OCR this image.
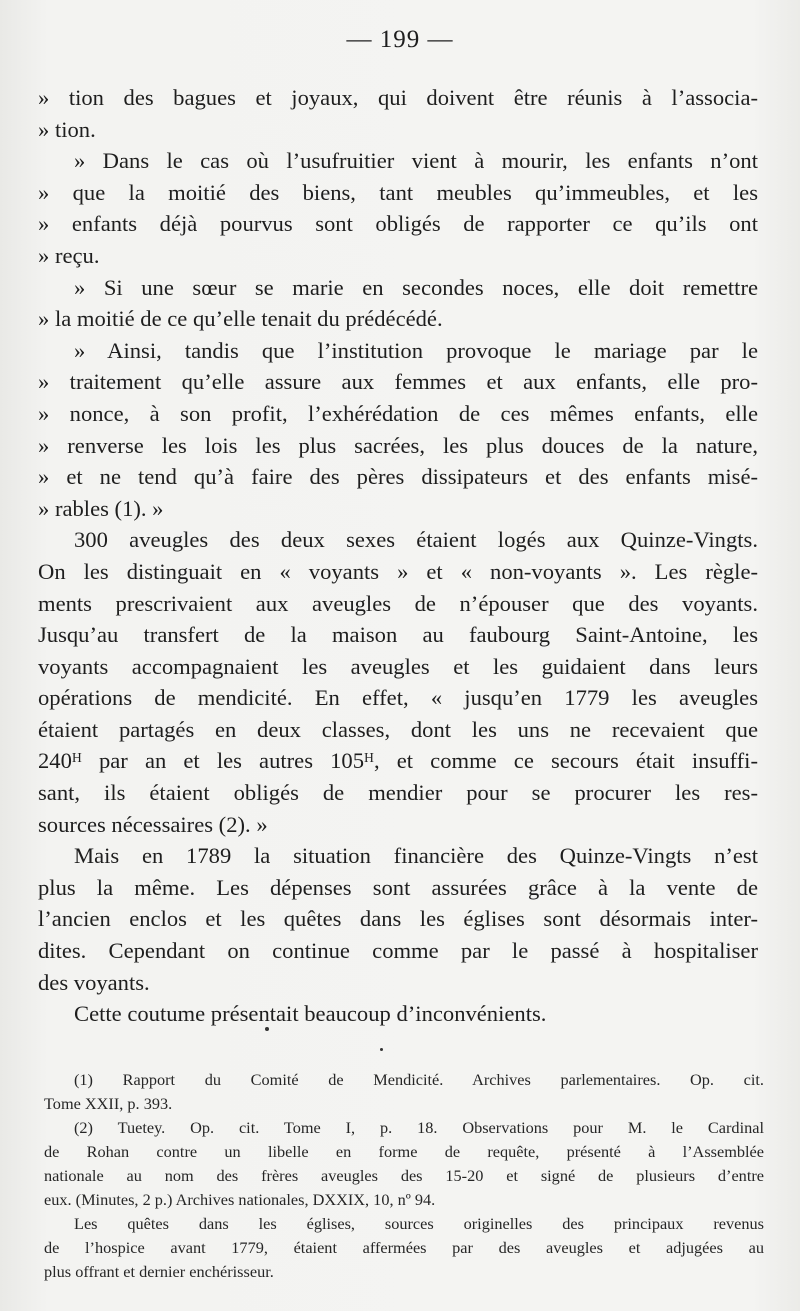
— 199 —
» tion des bagues et joyaux, qui doivent être réunis à l’associa-
» tion.
» Dans le cas où l’usufruitier vient à mourir, les enfants n’ont
» que la moitié des biens, tant meubles qu’immeubles, et les
» enfants déjà pourvus sont obligés de rapporter ce qu’ils ont
» reçu.
» Si une sœur se marie en secondes noces, elle doit remettre
» la moitié de ce qu’elle tenait du prédécédé.
» Ainsi, tandis que l’institution provoque le mariage par le
» traitement qu’elle assure aux femmes et aux enfants, elle pro-
» nonce, à son profit, l’exhérédation de ces mêmes enfants, elle
» renverse les lois les plus sacrées, les plus douces de la nature,
» et ne tend qu’à faire des pères dissipateurs et des enfants misé-
» rables (1). »
300 aveugles des deux sexes étaient logés aux Quinze-Vingts.
On les distinguait en « voyants » et « non-voyants ». Les règle-
ments prescrivaient aux aveugles de n’épouser que des voyants.
Jusqu’au transfert de la maison au faubourg Saint-Antoine, les
voyants accompagnaient les aveugles et les guidaient dans leurs
opérations de mendicité. En effet, « jusqu’en 1779 les aveugles
étaient partagés en deux classes, dont les uns ne recevaient que
240ᴴ par an et les autres 105ᴴ, et comme ce secours était insuffi-
sant, ils étaient obligés de mendier pour se procurer les res-
sources nécessaires (2). »
Mais en 1789 la situation financière des Quinze-Vingts n’est
plus la même. Les dépenses sont assurées grâce à la vente de
l’ancien enclos et les quêtes dans les églises sont désormais inter-
dites. Cependant on continue comme par le passé à hospitaliser
des voyants.
Cette coutume présentait beaucoup d’inconvénients.
(1) Rapport du Comité de Mendicité. Archives parlementaires. Op. cit.
Tome XXII, p. 393.
(2) Tuetey. Op. cit. Tome I, p. 18. Observations pour M. le Cardinal
de Rohan contre un libelle en forme de requête, présenté à l’Assemblée
nationale au nom des frères aveugles des 15-20 et signé de plusieurs d’entre
eux. (Minutes, 2 p.) Archives nationales, DXXIX, 10, nº 94.
Les quêtes dans les églises, sources originelles des principaux revenus
de l’hospice avant 1779, étaient affermées par des aveugles et adjugées au
plus offrant et dernier enchérisseur.
